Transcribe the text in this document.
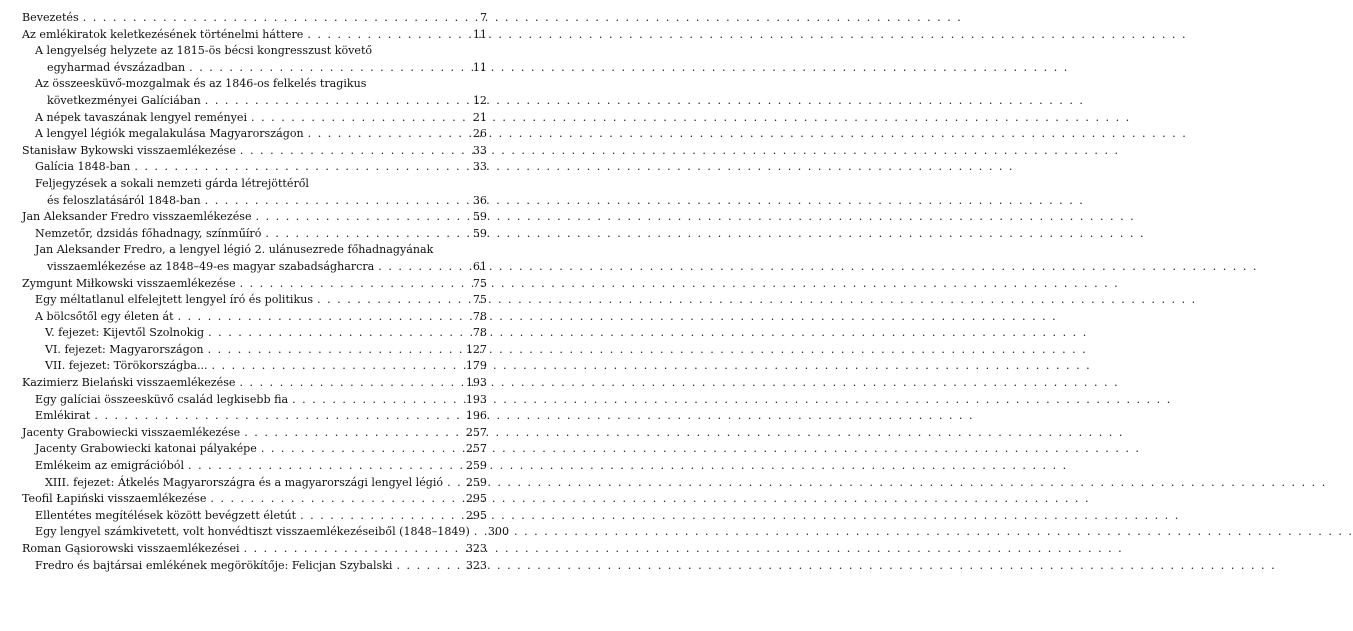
Bevezetés . . .	7
Az emlékiratok keletkezésének történelmi háttere . . .	11
A lengyelség helyzete az 1815-ös bécsi kongresszust követő
egyharmad évszázadban . . .	11
Az összeesküvő-mozgalmak és az 1846-os felkelés tragikus
következményei Galíciában . . .	12
A népek tavaszának lengyel reményei . . .	21
A lengyel légiók megalakulása Magyarországon . . .	26
Stanisław Bykowski visszaemlékezése . . .	33
Galícia 1848-ban . . .	33
Feljegyzések a sokali nemzeti gárda létrejöttéről
és feloszlatásáról 1848-ban . . .	36
Jan Aleksander Fredro visszaemlékezése . . .	59
Nemzetőr, dzsidás főhadnagy, színműíró . . .	59
Jan Aleksander Fredro, a lengyel légió 2. ulánusezrede főhadnagyának
visszaemlékezése az 1848–49-es magyar szabadságharcra . . .	61
Zymgunt Miłkowski visszaemlékezése . . .	75
Egy méltatlanul elfelejtett lengyel író és politikus . . .	75
A bölcsőtől egy életen át . . .	78
V. fejezet: Kijevtől Szolnokig . . .	78
VI. fejezet: Magyarországon . . .	127
VII. fejezet: Törökországba... . . .	179
Kazimierz Bielański visszaemlékezése . . .	193
Egy galíciai összeesküvő család legkisebb fia . . .	193
Emlékirat . . .	196
Jacenty Grabowiecki visszaemlékezése . . .	257
Jacenty Grabowiecki katonai pályaképe . . .	257
Emlékeim az emigrációból . . .	259
XIII. fejezet: Átkelés Magyarországra és a magyarországi lengyel légió . . . 259
Teofil Łapiński visszaemlékezése . . .	295
Ellentétes megítélések között bevégzett életút . . .	295
Egy lengyel számkivetett, volt honvédtiszt visszaemlékezéseiből (1848–1849) . . . 300
Roman Gąsiorowski visszaemlékezései . . .	323
Fredro és bajtársai emlékének megörökítője: Felicjan Szybalski . . .	323
